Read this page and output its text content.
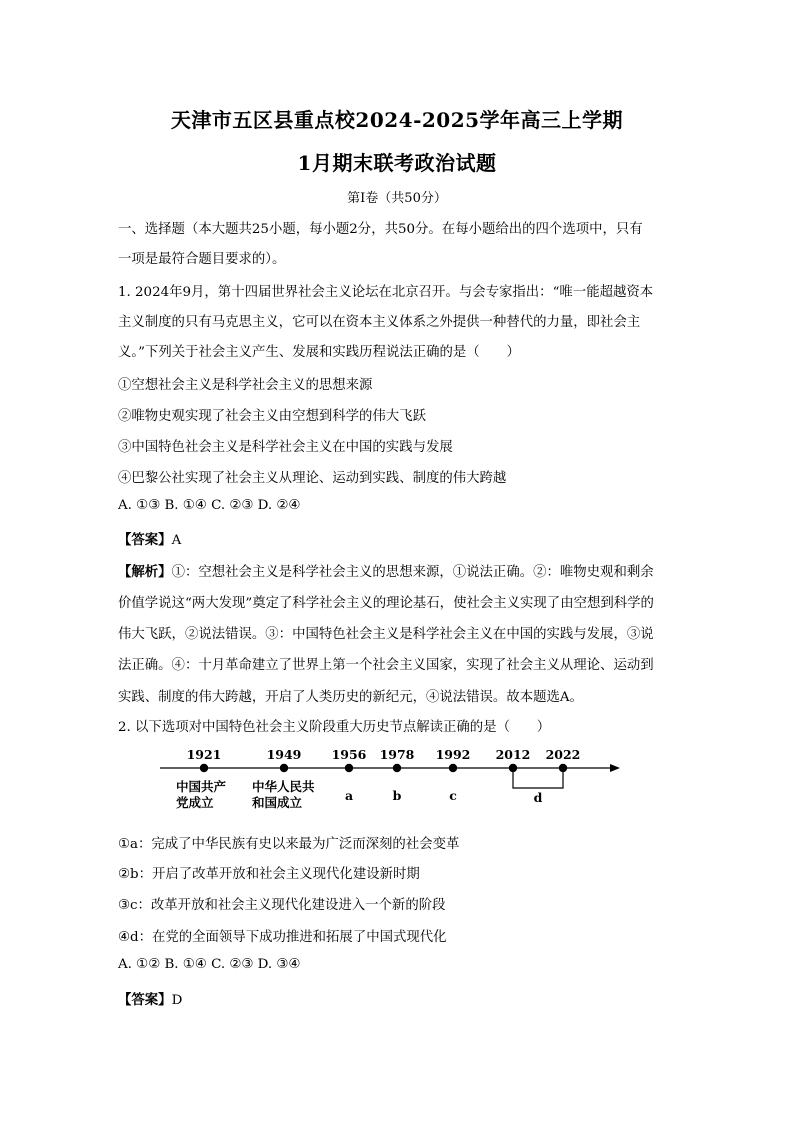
天津市五区县重点校2024-2025学年高三上学期
1月期末联考政治试题
第Ⅰ卷（共50分）
一、选择题（本大题共25小题，每小题2分，共50分。在每小题给出的四个选项中，只有
一项是最符合题目要求的）。
1. 2024年9月，第十四届世界社会主义论坛在北京召开。与会专家指出：“唯一能超越资本
主义制度的只有马克思主义，它可以在资本主义体系之外提供一种替代的力量，即社会主
义。”下列关于社会主义产生、发展和实践历程说法正确的是（　　）
①空想社会主义是科学社会主义的思想来源
②唯物史观实现了社会主义由空想到科学的伟大飞跃
③中国特色社会主义是科学社会主义在中国的实践与发展
④巴黎公社实现了社会主义从理论、运动到实践、制度的伟大跨越
A. ①③ B. ①④ C. ②③ D. ②④
【答案】A
【解析】①：空想社会主义是科学社会主义的思想来源，①说法正确。②：唯物史观和剩余
价值学说这“两大发现”奠定了科学社会主义的理论基石，使社会主义实现了由空想到科学的
伟大飞跃，②说法错误。③：中国特色社会主义是科学社会主义在中国的实践与发展，③说
法正确。④：十月革命建立了世界上第一个社会主义国家，实现了社会主义从理论、运动到
实践、制度的伟大跨越，开启了人类历史的新纪元，④说法错误。故本题选A。
2. 以下选项对中国特色社会主义阶段重大历史节点解读正确的是（　　）
1921	1949 1956 1978 1992 2012 2022
中国共产
党成立
中华人民共
和国成立	a	b	c	d
①a：完成了中华民族有史以来最为广泛而深刻的社会变革
②b：开启了改革开放和社会主义现代化建设新时期
③c：改革开放和社会主义现代化建设进入一个新的阶段
④d：在党的全面领导下成功推进和拓展了中国式现代化
A. ①② B. ①④ C. ②③ D. ③④
【答案】D
